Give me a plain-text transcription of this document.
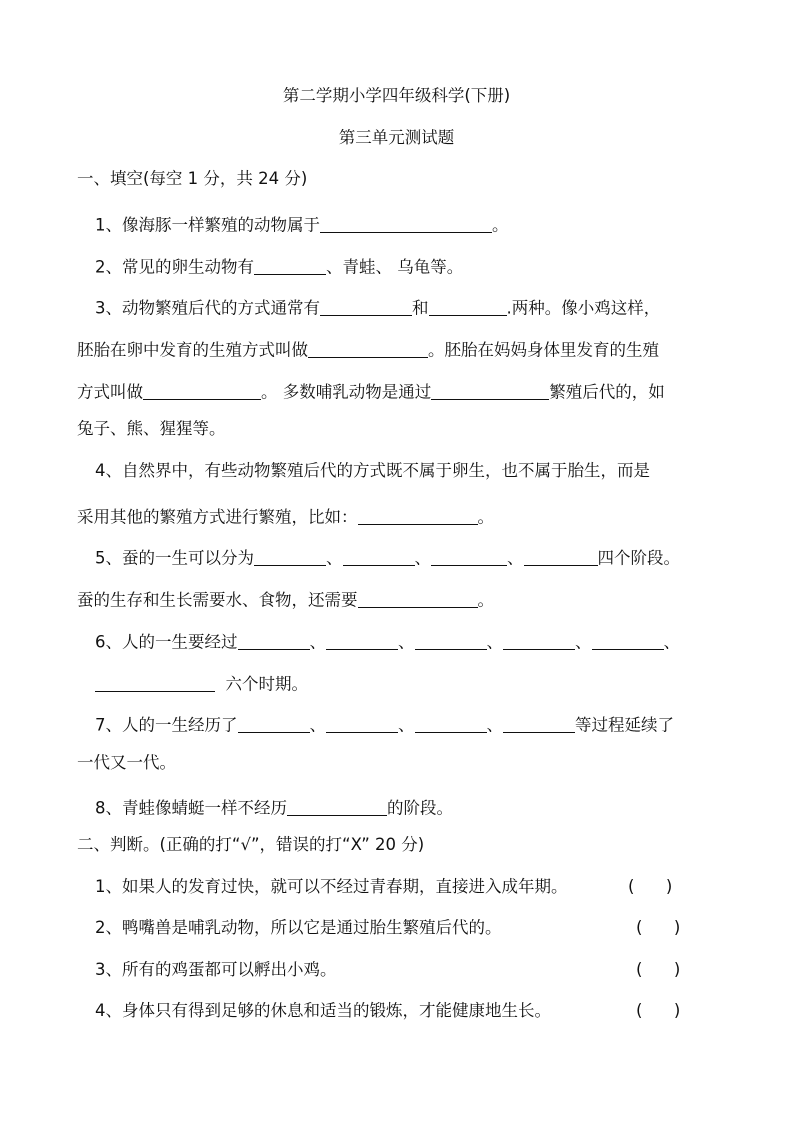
第二学期小学四年级科学(下册)
第三单元测试题
一、填空(每空 1 分，共 24 分)
1、像海豚一样繁殖的动物属于	。
2、常见的卵生动物有	、青蛙、 乌龟等。
3、动物繁殖后代的方式通常有	和	.两种。像小鸡这样，
胚胎在卵中发育的生殖方式叫做	。胚胎在妈妈身体里发育的生殖
方式叫做	。 多数哺乳动物是通过	繁殖后代的，如
兔子、熊、猩猩等。
4、自然界中，有些动物繁殖后代的方式既不属于卵生，也不属于胎生，而是
采用其他的繁殖方式进行繁殖，比如：	。
5、蚕的一生可以分为	、	、	、	四个阶段。
蚕的生存和生长需要水、食物，还需要	。
6、人的一生要经过	、	、	、	、	、
六个时期。
7、人的一生经历了	、	、	、	等过程延续了
一代又一代。
8、青蛙像蜻蜓一样不经历	的阶段。
二、判断。(正确的打“√”，错误的打“X” 20 分)
1、如果人的发育过快，就可以不经过青春期，直接进入成年期。	(      )
2、鸭嘴兽是哺乳动物，所以它是通过胎生繁殖后代的。	(      )
3、所有的鸡蛋都可以孵出小鸡。	(      )
4、身体只有得到足够的休息和适当的锻炼，才能健康地生长。	(      )
